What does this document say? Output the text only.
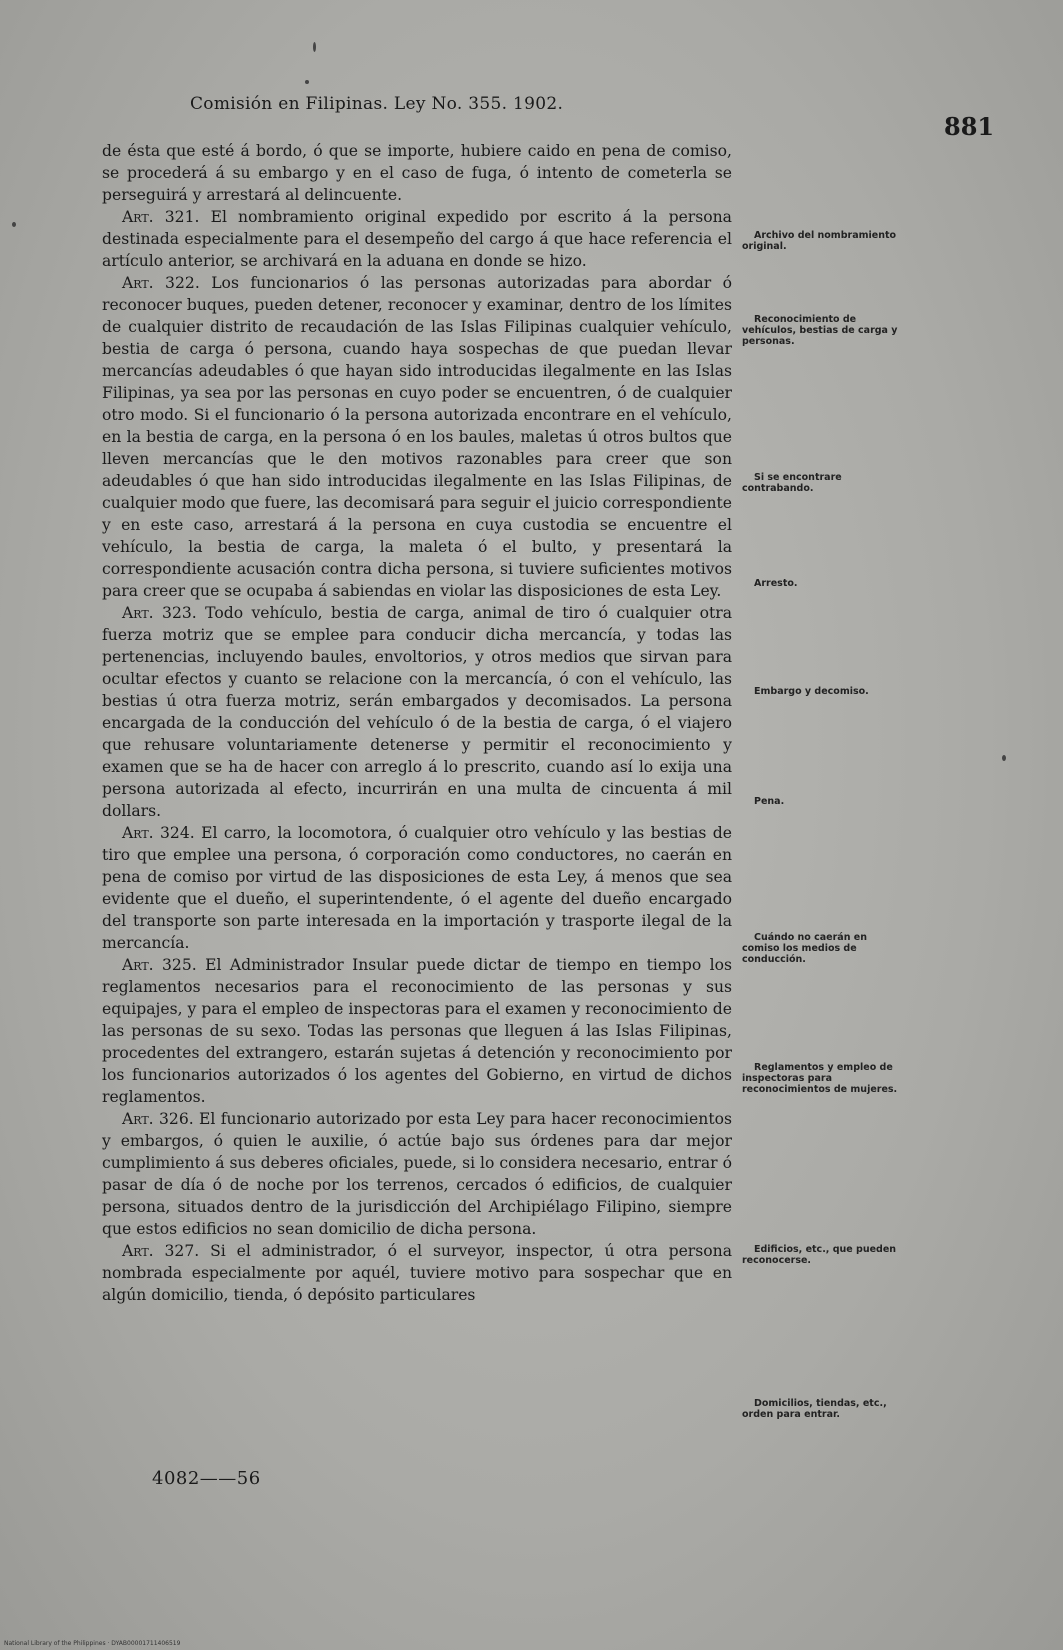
Comisión en Filipinas. Ley No. 355. 1902.
881

de ésta que esté á bordo, ó que se importe, hubiere caido en pena de comiso, se procederá á su embargo y en el caso de fuga, ó intento de cometerla se perseguirá y arrestará al delincuente.

Art. 321. El nombramiento original expedido por escrito á la persona destinada especialmente para el desempeño del cargo á que hace referencia el artículo anterior, se archivará en la aduana en donde se hizo.

Art. 322. Los funcionarios ó las personas autorizadas para abordar ó reconocer buques, pueden detener, reconocer y examinar, dentro de los límites de cualquier distrito de recaudación de las Islas Filipinas cualquier vehículo, bestia de carga ó persona, cuando haya sospechas de que puedan llevar mercancías adeudables ó que hayan sido introducidas ilegalmente en las Islas Filipinas, ya sea por las personas en cuyo poder se encuentren, ó de cualquier otro modo. Si el funcionario ó la persona autorizada encontrare en el vehículo, en la bestia de carga, en la persona ó en los baules, maletas ú otros bultos que lleven mercancías que le den motivos razonables para creer que son adeudables ó que han sido introducidas ilegalmente en las Islas Filipinas, de cualquier modo que fuere, las decomisará para seguir el juicio correspondiente y en este caso, arrestará á la persona en cuya custodia se encuentre el vehículo, la bestia de carga, la maleta ó el bulto, y presentará la correspondiente acusación contra dicha persona, si tuviere suficientes motivos para creer que se ocupaba á sabiendas en violar las disposiciones de esta Ley.

Art. 323. Todo vehículo, bestia de carga, animal de tiro ó cualquier otra fuerza motriz que se emplee para conducir dicha mercancía, y todas las pertenencias, incluyendo baules, envoltorios, y otros medios que sirvan para ocultar efectos y cuanto se relacione con la mercancía, ó con el vehículo, las bestias ú otra fuerza motriz, serán embargados y decomisados. La persona encargada de la conducción del vehículo ó de la bestia de carga, ó el viajero que rehusare voluntariamente detenerse y permitir el reconocimiento y examen que se ha de hacer con arreglo á lo prescrito, cuando así lo exija una persona autorizada al efecto, incurrirán en una multa de cincuenta á mil dollars.

Art. 324. El carro, la locomotora, ó cualquier otro vehículo y las bestias de tiro que emplee una persona, ó corporación como conductores, no caerán en pena de comiso por virtud de las disposiciones de esta Ley, á menos que sea evidente que el dueño, el superintendente, ó el agente del dueño encargado del transporte son parte interesada en la importación y trasporte ilegal de la mercancía.

Art. 325. El Administrador Insular puede dictar de tiempo en tiempo los reglamentos necesarios para el reconocimiento de las personas y sus equipajes, y para el empleo de inspectoras para el examen y reconocimiento de las personas de su sexo. Todas las personas que lleguen á las Islas Filipinas, procedentes del extrangero, estarán sujetas á detención y reconocimiento por los funcionarios autorizados ó los agentes del Gobierno, en virtud de dichos reglamentos.

Art. 326. El funcionario autorizado por esta Ley para hacer reconocimientos y embargos, ó quien le auxilie, ó actúe bajo sus órdenes para dar mejor cumplimiento á sus deberes oficiales, puede, si lo considera necesario, entrar ó pasar de día ó de noche por los terrenos, cercados ó edificios, de cualquier persona, situados dentro de la jurisdicción del Archipiélago Filipino, siempre que estos edificios no sean domicilio de dicha persona.

Art. 327. Si el administrador, ó el surveyor, inspector, ú otra persona nombrada especialmente por aquél, tuviere motivo para sospechar que en algún domicilio, tienda, ó depósito particulares

Archivo del nombramiento original.
Reconocimiento de vehículos, bestias de carga y personas.
Si se encontrare contrabando.
Arresto.
Embargo y decomiso.
Pena.
Cuándo no caerán en comiso los medios de conducción.
Reglamentos y empleo de inspectoras para reconocimientos de mujeres.
Edificios, etc., que pueden reconocerse.
Domicilios, tiendas, etc., orden para entrar.
4082——56
National Library of the Philippines · DYAB00001711406519
